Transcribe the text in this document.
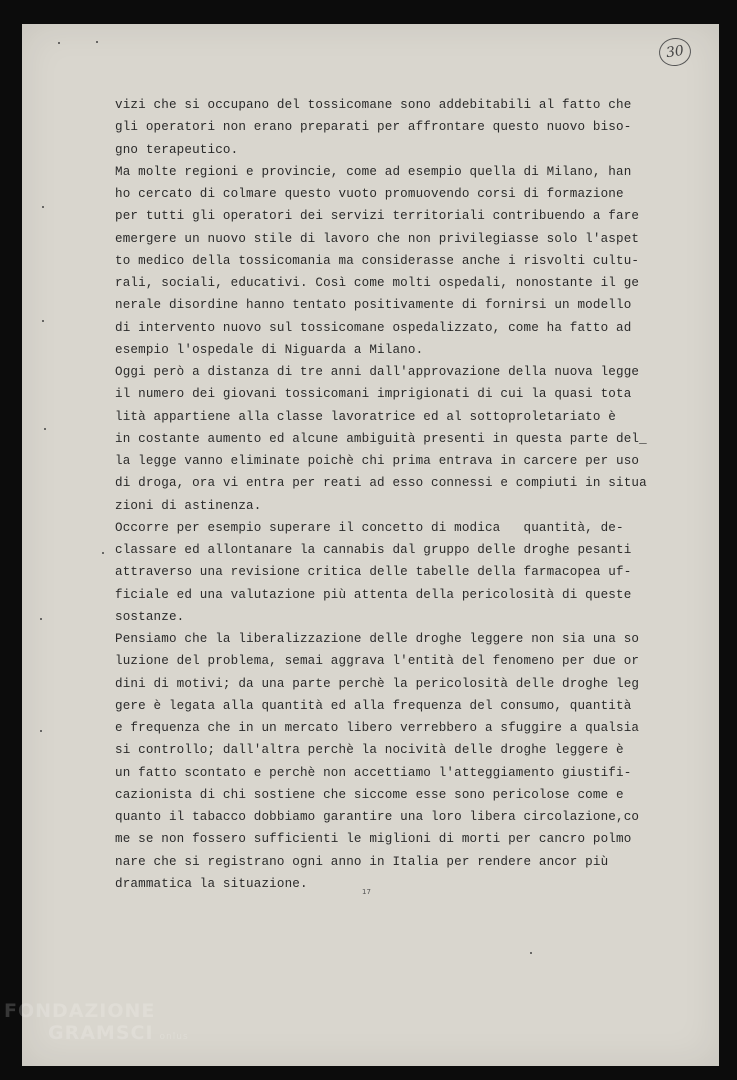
30
vizi che si occupano del tossicomane sono addebitabili al fatto che
gli operatori non erano preparati per affrontare questo nuovo biso-
gno terapeutico.
Ma molte regioni e provincie, come ad esempio quella di Milano, han
ho cercato di colmare questo vuoto promuovendo corsi di formazione
per tutti gli operatori dei servizi territoriali contribuendo a fare
emergere un nuovo stile di lavoro che non privilegiasse solo l'aspet
to medico della tossicomania ma considerasse anche i risvolti cultu-
rali, sociali, educativi. Così come molti ospedali, nonostante il ge
nerale disordine hanno tentato positivamente di fornirsi un modello
di intervento nuovo sul tossicomane ospedalizzato, come ha fatto ad
esempio l'ospedale di Niguarda a Milano.
Oggi però a distanza di tre anni dall'approvazione della nuova legge
il numero dei giovani tossicomani imprigionati di cui la quasi tota
lità appartiene alla classe lavoratrice ed al sottoproletariato è
in costante aumento ed alcune ambiguità presenti in questa parte del_
la legge vanno eliminate poichè chi prima entrava in carcere per uso
di droga, ora vi entra per reati ad esso connessi e compiuti in situa
zioni di astinenza.
Occorre per esempio superare il concetto di modica   quantità, de-
classare ed allontanare la cannabis dal gruppo delle droghe pesanti
attraverso una revisione critica delle tabelle della farmacopea uf-
ficiale ed una valutazione più attenta della pericolosità di queste
sostanze.
Pensiamo che la liberalizzazione delle droghe leggere non sia una so
luzione del problema, semai aggrava l'entità del fenomeno per due or
dini di motivi; da una parte perchè la pericolosità delle droghe leg
gere è legata alla quantità ed alla frequenza del consumo, quantità
e frequenza che in un mercato libero verrebbero a sfuggire a qualsia
si controllo; dall'altra perchè la nocività delle droghe leggere è
un fatto scontato e perchè non accettiamo l'atteggiamento giustifi-
cazionista di chi sostiene che siccome esse sono pericolose come e
quanto il tabacco dobbiamo garantire una loro libera circolazione,co
me se non fossero sufficienti le miglioni di morti per cancro polmo
nare che si registrano ogni anno in Italia per rendere ancor più
drammatica la situazione.
17
FONDAZIONE
GRAMSCI onlus
